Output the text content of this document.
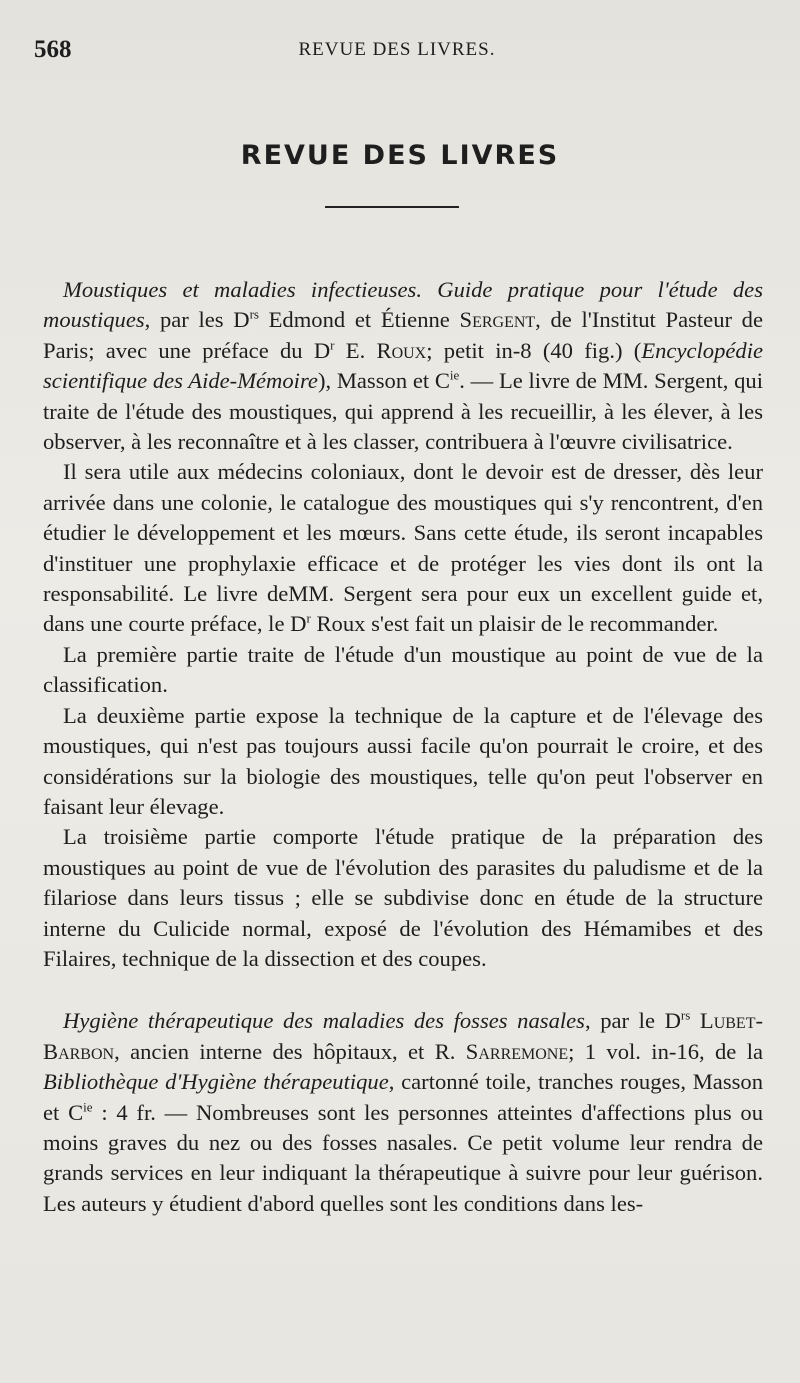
568	REVUE DES LIVRES.
REVUE DES LIVRES

Moustiques et maladies infectieuses. Guide pratique pour l'étude des moustiques, par les $D^{rs}$ Edmond et Étienne Sergent, de l'Institut Pasteur de Paris; avec une préface du $D^r$ E. Roux; petit in-8 (40 fig.) (Encyclopédie scientifique des Aide-Mémoire), Masson et $C^{ie}$. — Le livre de MM. Sergent, qui traite de l'étude des moustiques, qui apprend à les recueillir, à les élever, à les observer, à les reconnaître et à les classer, contribuera à l'œuvre civilisatrice.

Il sera utile aux médecins coloniaux, dont le devoir est de dresser, dès leur arrivée dans une colonie, le catalogue des moustiques qui s'y rencontrent, d'en étudier le développement et les mœurs. Sans cette étude, ils seront incapables d'instituer une prophylaxie efficace et de protéger les vies dont ils ont la responsabilité. Le livre deMM. Sergent sera pour eux un excellent guide et, dans une courte préface, le $D^r$ Roux s'est fait un plaisir de le recommander.

La première partie traite de l'étude d'un moustique au point de vue de la classification.

La deuxième partie expose la technique de la capture et de l'élevage des moustiques, qui n'est pas toujours aussi facile qu'on pourrait le croire, et des considérations sur la biologie des moustiques, telle qu'on peut l'observer en faisant leur élevage.

La troisième partie comporte l'étude pratique de la préparation des moustiques au point de vue de l'évolution des parasites du paludisme et de la filariose dans leurs tissus ; elle se subdivise donc en étude de la structure interne du Culicide normal, exposé de l'évolution des Hémamibes et des Filaires, technique de la dissection et des coupes.

Hygiène thérapeutique des maladies des fosses nasales, par le $D^{rs}$ Lubet-Barbon, ancien interne des hôpitaux, et R. Sarremone; 1 vol. in-16, de la Bibliothèque d'Hygiène thérapeutique, cartonné toile, tranches rouges, Masson et $C^{ie}$ : 4 fr. — Nombreuses sont les personnes atteintes d'affections plus ou moins graves du nez ou des fosses nasales. Ce petit volume leur rendra de grands services en leur indiquant la thérapeutique à suivre pour leur guérison. Les auteurs y étudient d'abord quelles sont les conditions dans les-
